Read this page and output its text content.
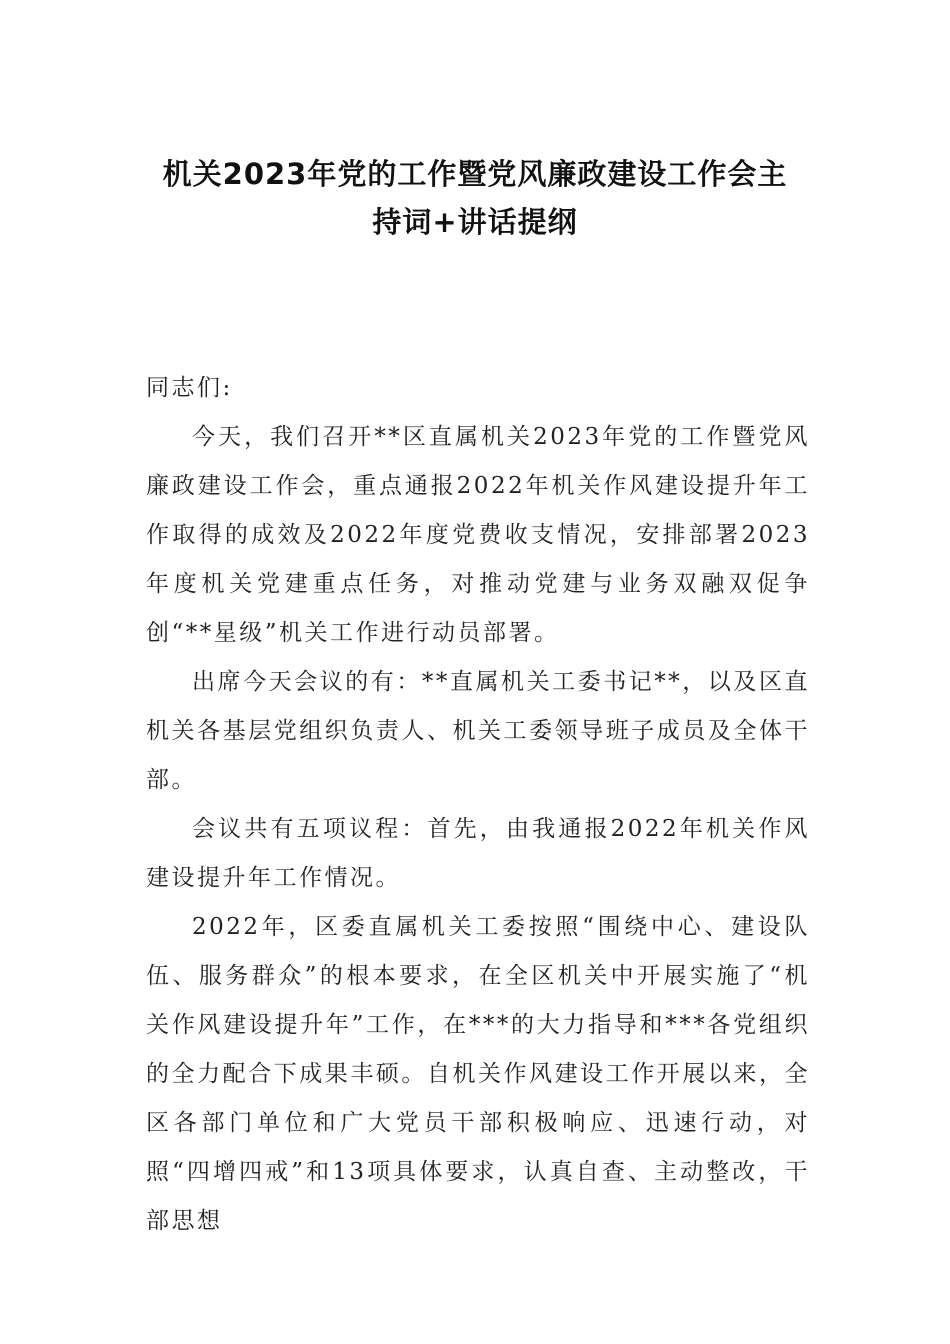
机关2023年党的工作暨党风廉政建设工作会主
持词+讲话提纲

同志们:

今天，我们召开**区直属机关2023年党的工作暨党风廉政建设工作会，重点通报2022年机关作风建设提升年工作取得的成效及2022年度党费收支情况，安排部署2023年度机关党建重点任务，对推动党建与业务双融双促争创“**星级”机关工作进行动员部署。

出席今天会议的有：**直属机关工委书记**，以及区直机关各基层党组织负责人、机关工委领导班子成员及全体干部。

会议共有五项议程：首先，由我通报2022年机关作风建设提升年工作情况。

2022年，区委直属机关工委按照“围绕中心、建设队伍、服务群众”的根本要求，在全区机关中开展实施了“机关作风建设提升年”工作，在***的大力指导和***各党组织的全力配合下成果丰硕。自机关作风建设工作开展以来，全区各部门单位和广大党员干部积极响应、迅速行动，对照“四增四戒”和13项具体要求，认真自查、主动整改，干部思想
